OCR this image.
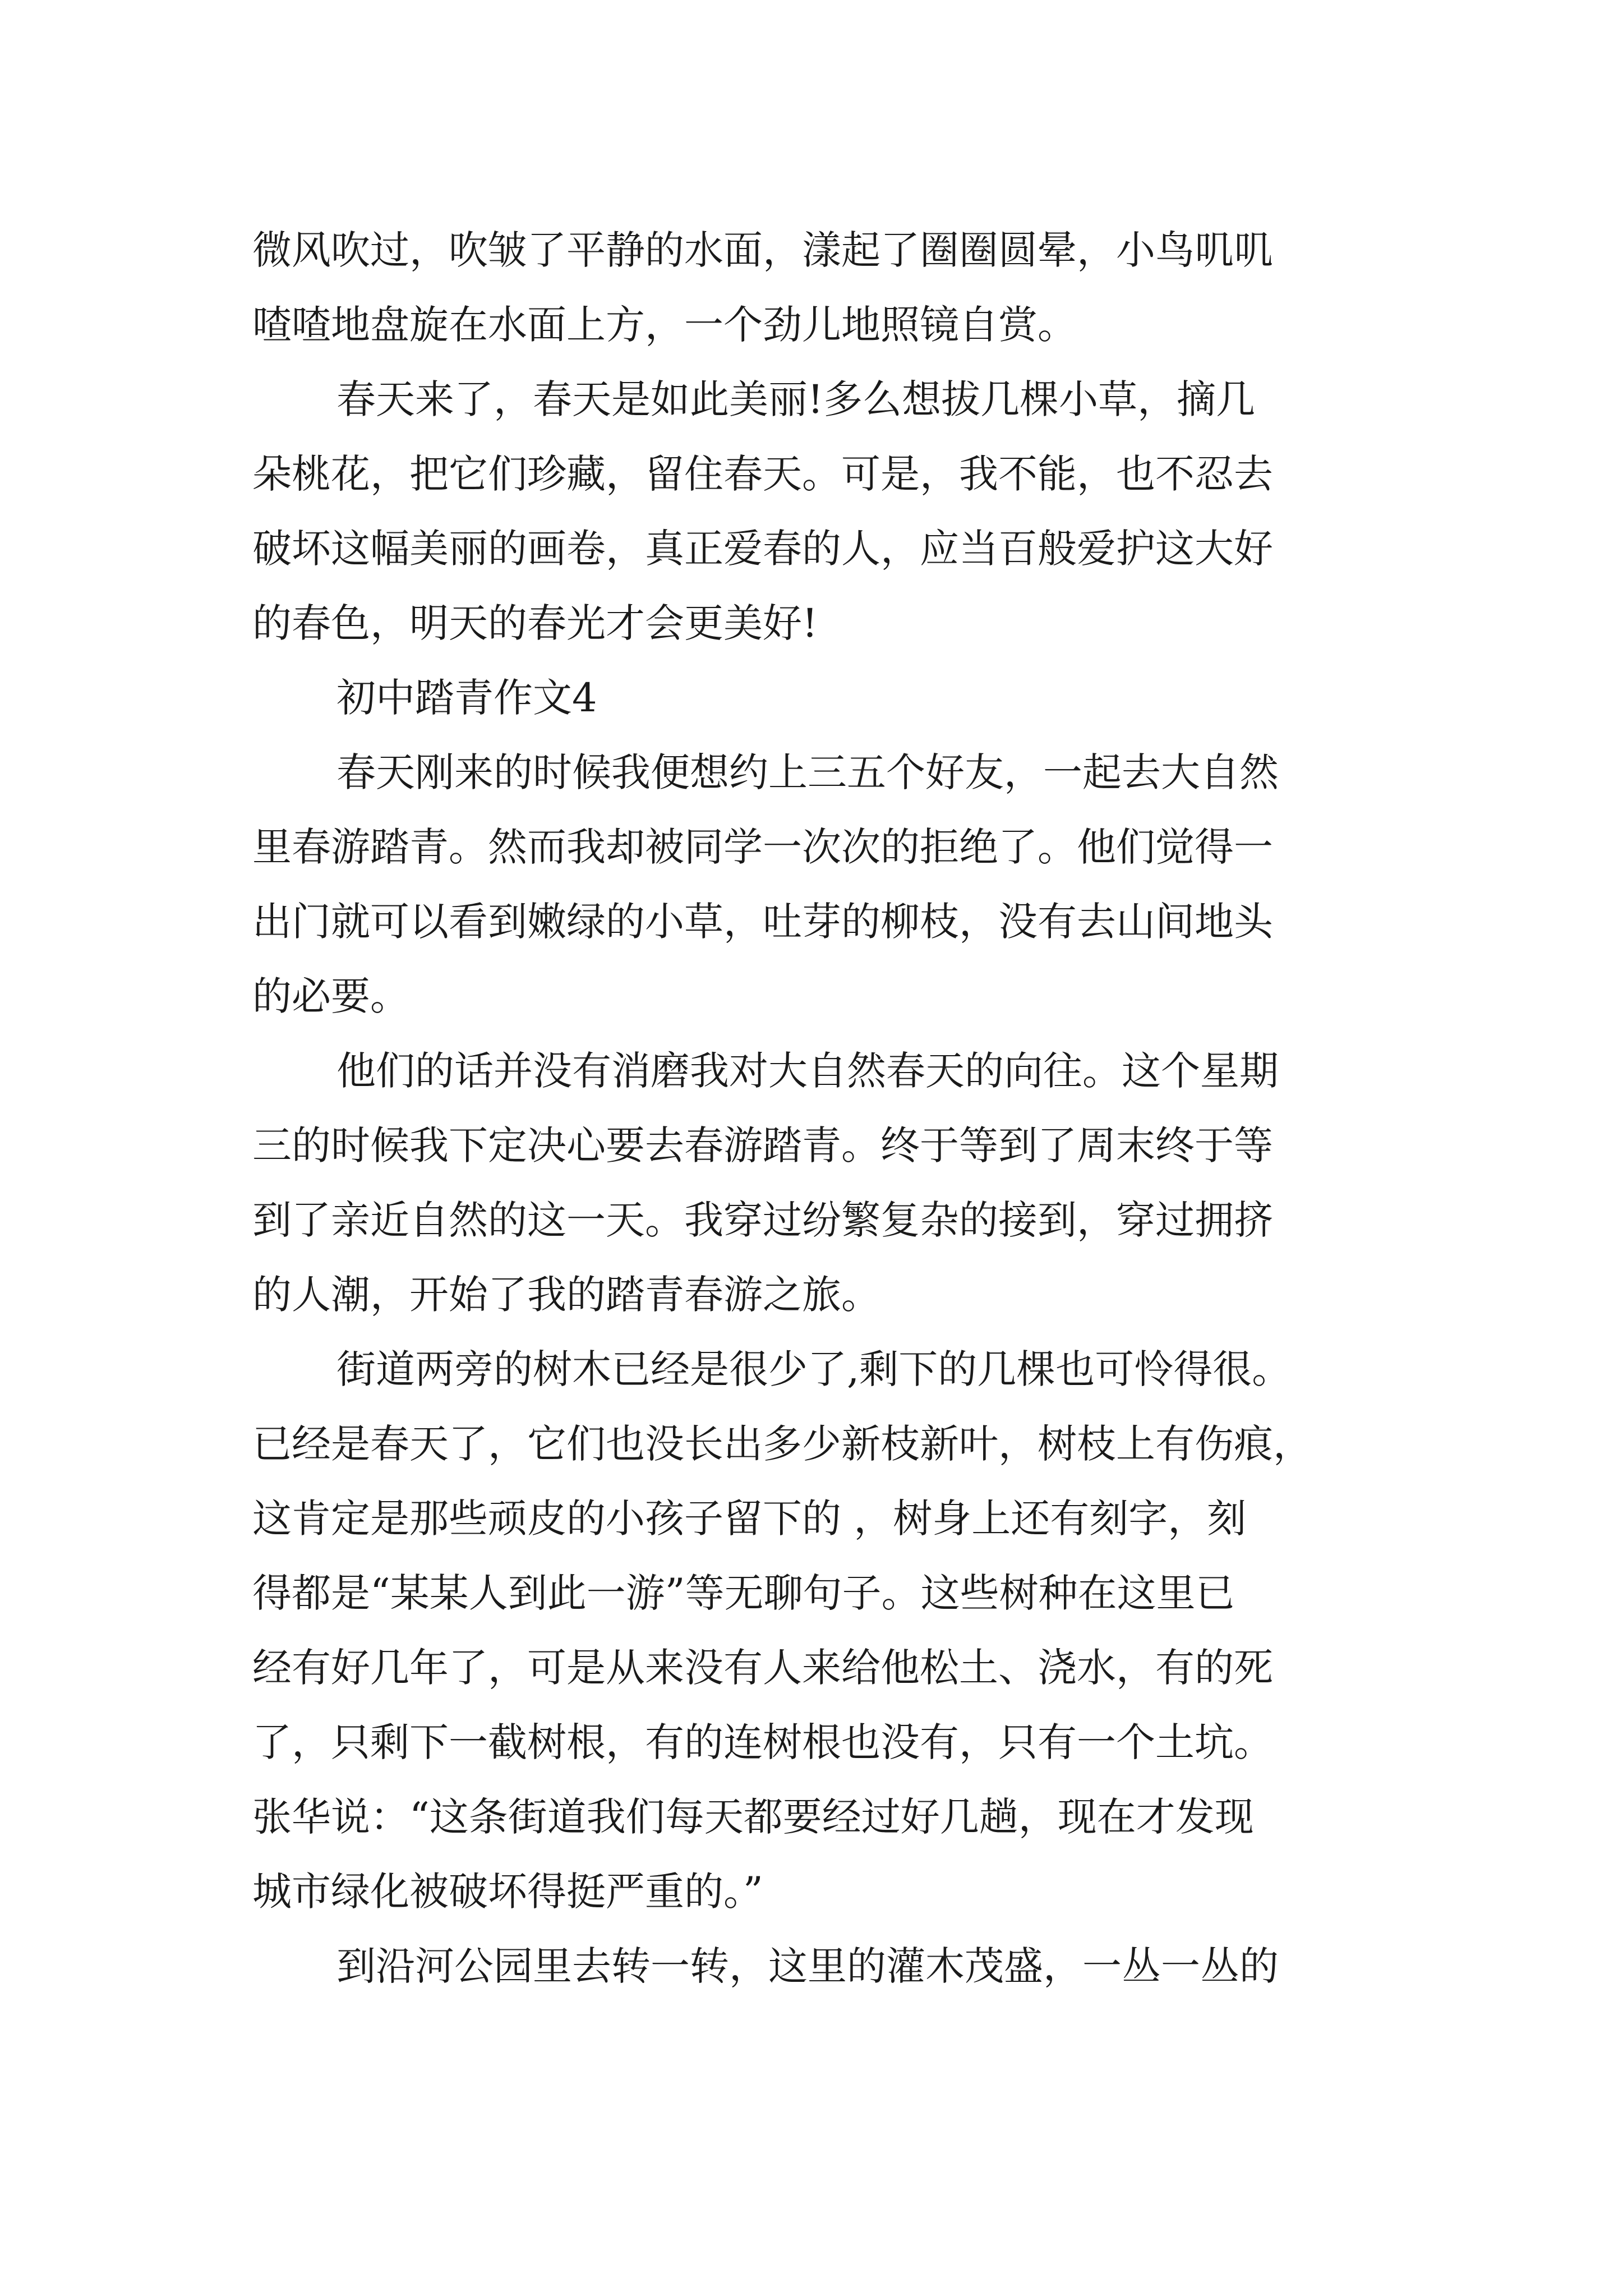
微风吹过，吹皱了平静的水面，漾起了圈圈圆晕，小鸟叽叽
喳喳地盘旋在水面上方，一个劲儿地照镜自赏。
春天来了，春天是如此美丽!多么想拔几棵小草，摘几
朵桃花，把它们珍藏，留住春天。可是，我不能，也不忍去
破坏这幅美丽的画卷，真正爱春的人，应当百般爱护这大好
的春色，明天的春光才会更美好!
初中踏青作文4
春天刚来的时候我便想约上三五个好友，一起去大自然
里春游踏青。然而我却被同学一次次的拒绝了。他们觉得一
出门就可以看到嫩绿的小草，吐芽的柳枝，没有去山间地头
的必要。
他们的话并没有消磨我对大自然春天的向往。这个星期
三的时候我下定决心要去春游踏青。终于等到了周末终于等
到了亲近自然的这一天。我穿过纷繁复杂的接到，穿过拥挤
的人潮，开始了我的踏青春游之旅。
街道两旁的树木已经是很少了,剩下的几棵也可怜得很。
已经是春天了，它们也没长出多少新枝新叶，树枝上有伤痕，
这肯定是那些顽皮的小孩子留下的 ，树身上还有刻字，刻
得都是“某某人到此一游”等无聊句子。这些树种在这里已
经有好几年了，可是从来没有人来给他松土、浇水，有的死
了，只剩下一截树根，有的连树根也没有，只有一个土坑。
张华说：“这条街道我们每天都要经过好几趟，现在才发现
城市绿化被破坏得挺严重的。”
到沿河公园里去转一转，这里的灌木茂盛，一丛一丛的
